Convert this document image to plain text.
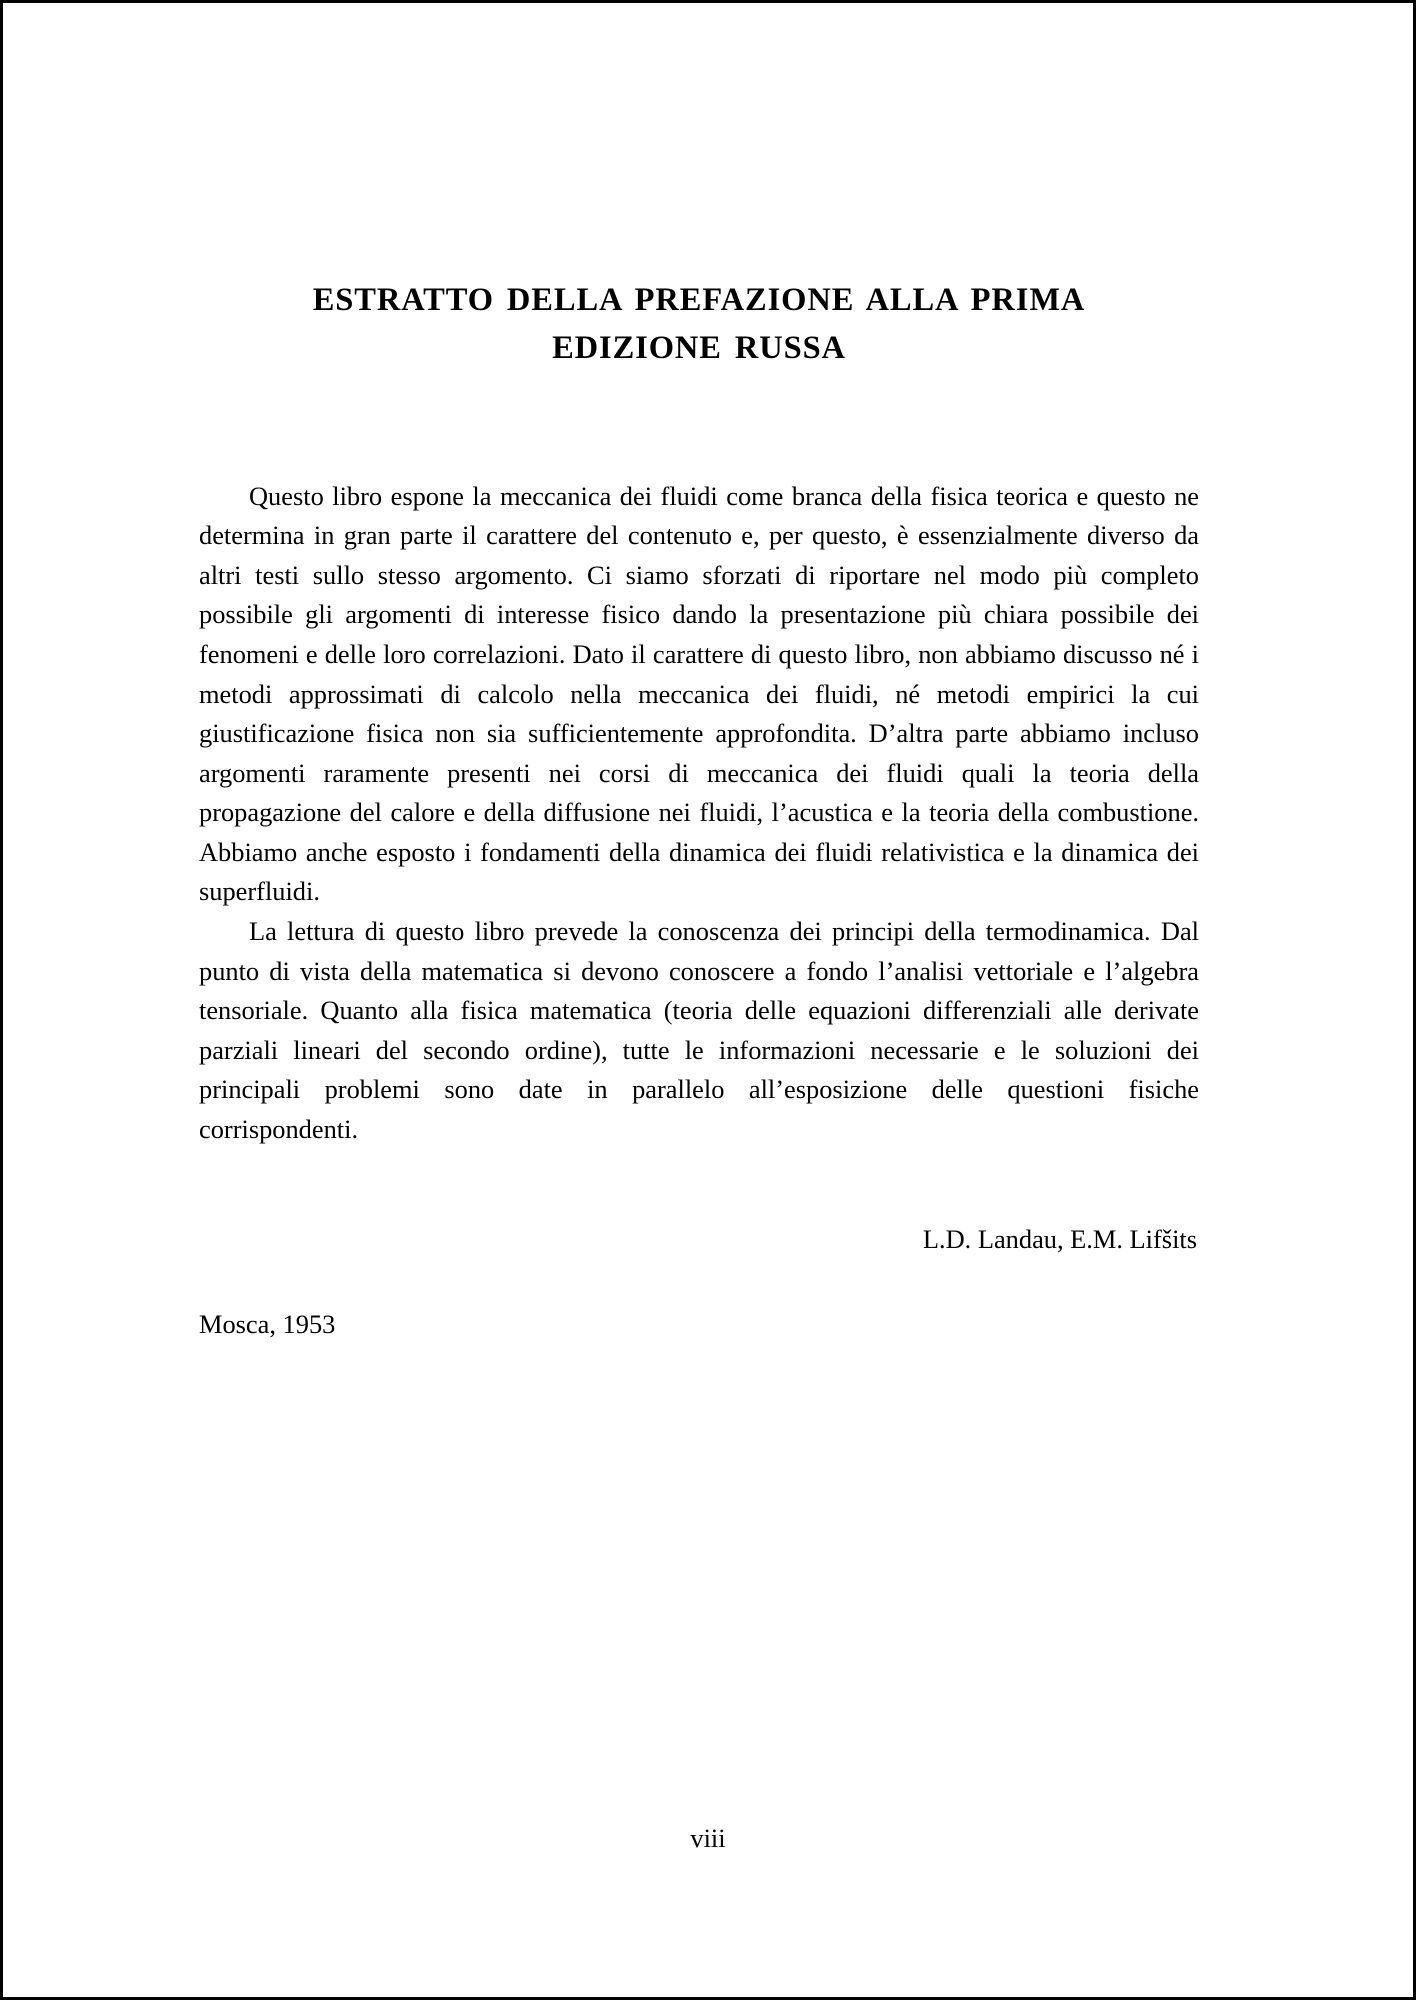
ESTRATTO DELLA PREFAZIONE ALLA PRIMA
EDIZIONE RUSSA

Questo libro espone la meccanica dei fluidi come branca della fisica teorica e questo ne determina in gran parte il carattere del contenuto e, per questo, è essenzialmente diverso da altri testi sullo stesso argomento. Ci siamo sforzati di riportare nel modo più completo possibile gli argomenti di interesse fisico dando la presentazione più chiara possibile dei fenomeni e delle loro correlazioni. Dato il carattere di questo libro, non abbiamo discusso né i metodi approssimati di calcolo nella meccanica dei fluidi, né metodi empirici la cui giustificazione fisica non sia sufficientemente approfondita. D’altra parte abbiamo incluso argomenti raramente presenti nei corsi di meccanica dei fluidi quali la teoria della propagazione del calore e della diffusione nei fluidi, l’acustica e la teoria della combustione. Abbiamo anche esposto i fondamenti della dinamica dei fluidi relativistica e la dinamica dei superfluidi.

La lettura di questo libro prevede la conoscenza dei principi della termodinamica. Dal punto di vista della matematica si devono conoscere a fondo l’analisi vettoriale e l’algebra tensoriale. Quanto alla fisica matematica (teoria delle equazioni differenziali alle derivate parziali lineari del secondo ordine), tutte le informazioni necessarie e le soluzioni dei principali problemi sono date in parallelo all’esposizione delle questioni fisiche corrispondenti.

L.D. Landau, E.M. Lifšits
Mosca, 1953
viii
